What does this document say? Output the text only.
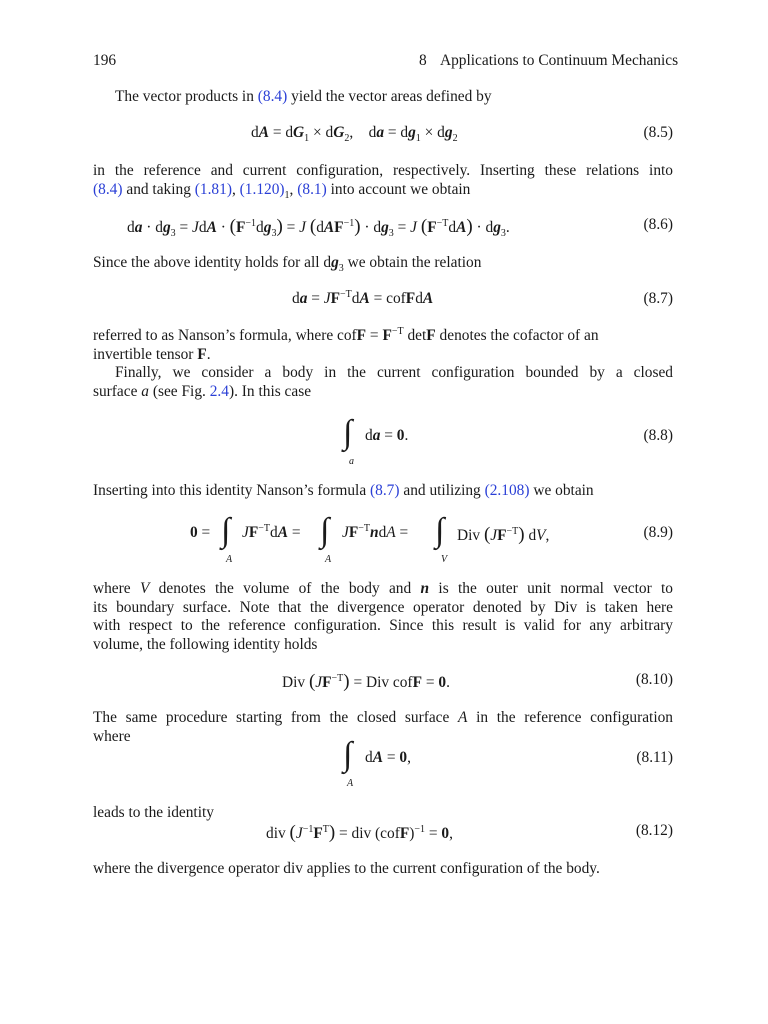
196	8 Applications to Continuum Mechanics
The vector products in (8.4) yield the vector areas defined by
dA = $dG_1 \times dG_2$,    da = $dg_1 \times dg_2$	(8.5)
in the reference and current configuration, respectively. Inserting these relations into
(8.4) and taking (1.81), $(1.120)_1$, (8.1) into account we obtain
da · $dg_3$ = JdA · $(F^{-1}dg_3) = J$ $(dAF^{-1}) \cdot dg_3 = J$ $(F^{-T}dA) \cdot dg_3$.	(8.6)
Since the above identity holds for all $dg_3$ we obtain the relation
da = $JF^{-T}dA$ = cofFdA	(8.7)
referred to as Nanson’s formula, where cofF = $F^{-T}$ detF denotes the cofactor of an
invertible tensor F.
Finally, we consider a body in the current configuration bounded by a closed
surface a (see Fig. 2.4). In this case
∫
a
da = 0.	(8.8)
Inserting into this identity Nanson’s formula (8.7) and utilizing (2.108) we obtain
0 = ∫
A
$JF^{-T}dA$ = ∫
A
$JF^{-T}ndA$ = ∫
V
Div $(JF^{-T})$ dV,	(8.9)
where V denotes the volume of the body and n is the outer unit normal vector to
its boundary surface. Note that the divergence operator denoted by Div is taken here
with respect to the reference configuration. Since this result is valid for any arbitrary
volume, the following identity holds
Div $(JF^{-T})$ = Div cofF = 0.	(8.10)
The same procedure starting from the closed surface A in the reference configuration
where	∫
A
dA = 0,	(8.11)
leads to the identity
div $(J^{-1}F^T)$ = div (cofF)$^{-1}$ = 0,	(8.12)
where the divergence operator div applies to the current configuration of the body.
